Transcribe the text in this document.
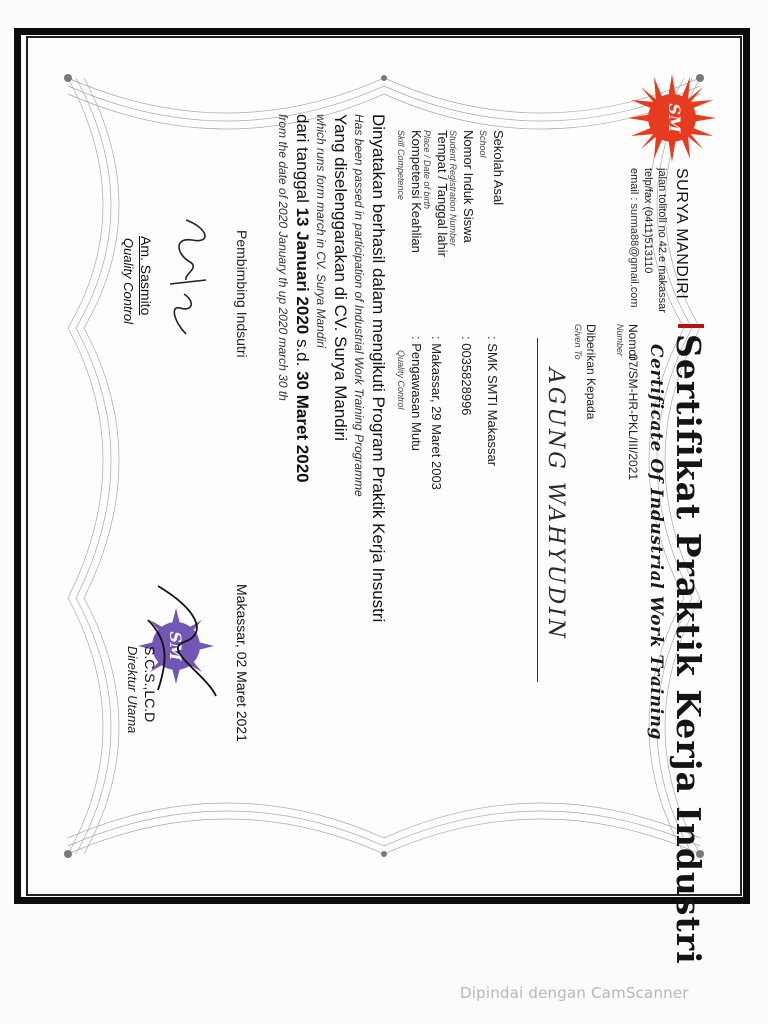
SM
SURYA MANDIRI
jalan tolitoli no 42.e makassar
telp/fax (0411)513110
email : surma88@gmail.com
Sertifikat Praktik Kerja Industri
Certificate Of Industrial Work Training
Nomor :
07/SM-HR-PKL/III/2021
Number
Diberikan Kepada
Given To
AGUNG WAHYUDIN
Sekolah Asal
School
: SMK SMTI Makassar
Nomor Induk Siswa
Student Registration Number
: 0035828996
Tempat / Tanggal lahir
Place / Date of birth
: Makassar, 29 Maret 2003
Kompetensi Keahlian
Skill Competence
: Pengawasan Mutu
Quality Control
Dinyatakan berhasil dalam mengikuti Program Praktik Kerja Insustri
Has been passed in participation of Industrial Work Training Programme
Yang diselenggarakan di CV. Surya Mandiri
which runs form march in CV. Surya Mandiri
dari tanggal 13 Januari 2020 s.d. 30 Maret 2020
from the date of 2020 January th up 2020 march 30 th
Pembimbing Indsutri
Am. Sasmito
Quality Control
Makassar, 02 Maret 2021
SM
S.C.S.,LC.D
Direktur Utama
Dipindai dengan CamScanner
